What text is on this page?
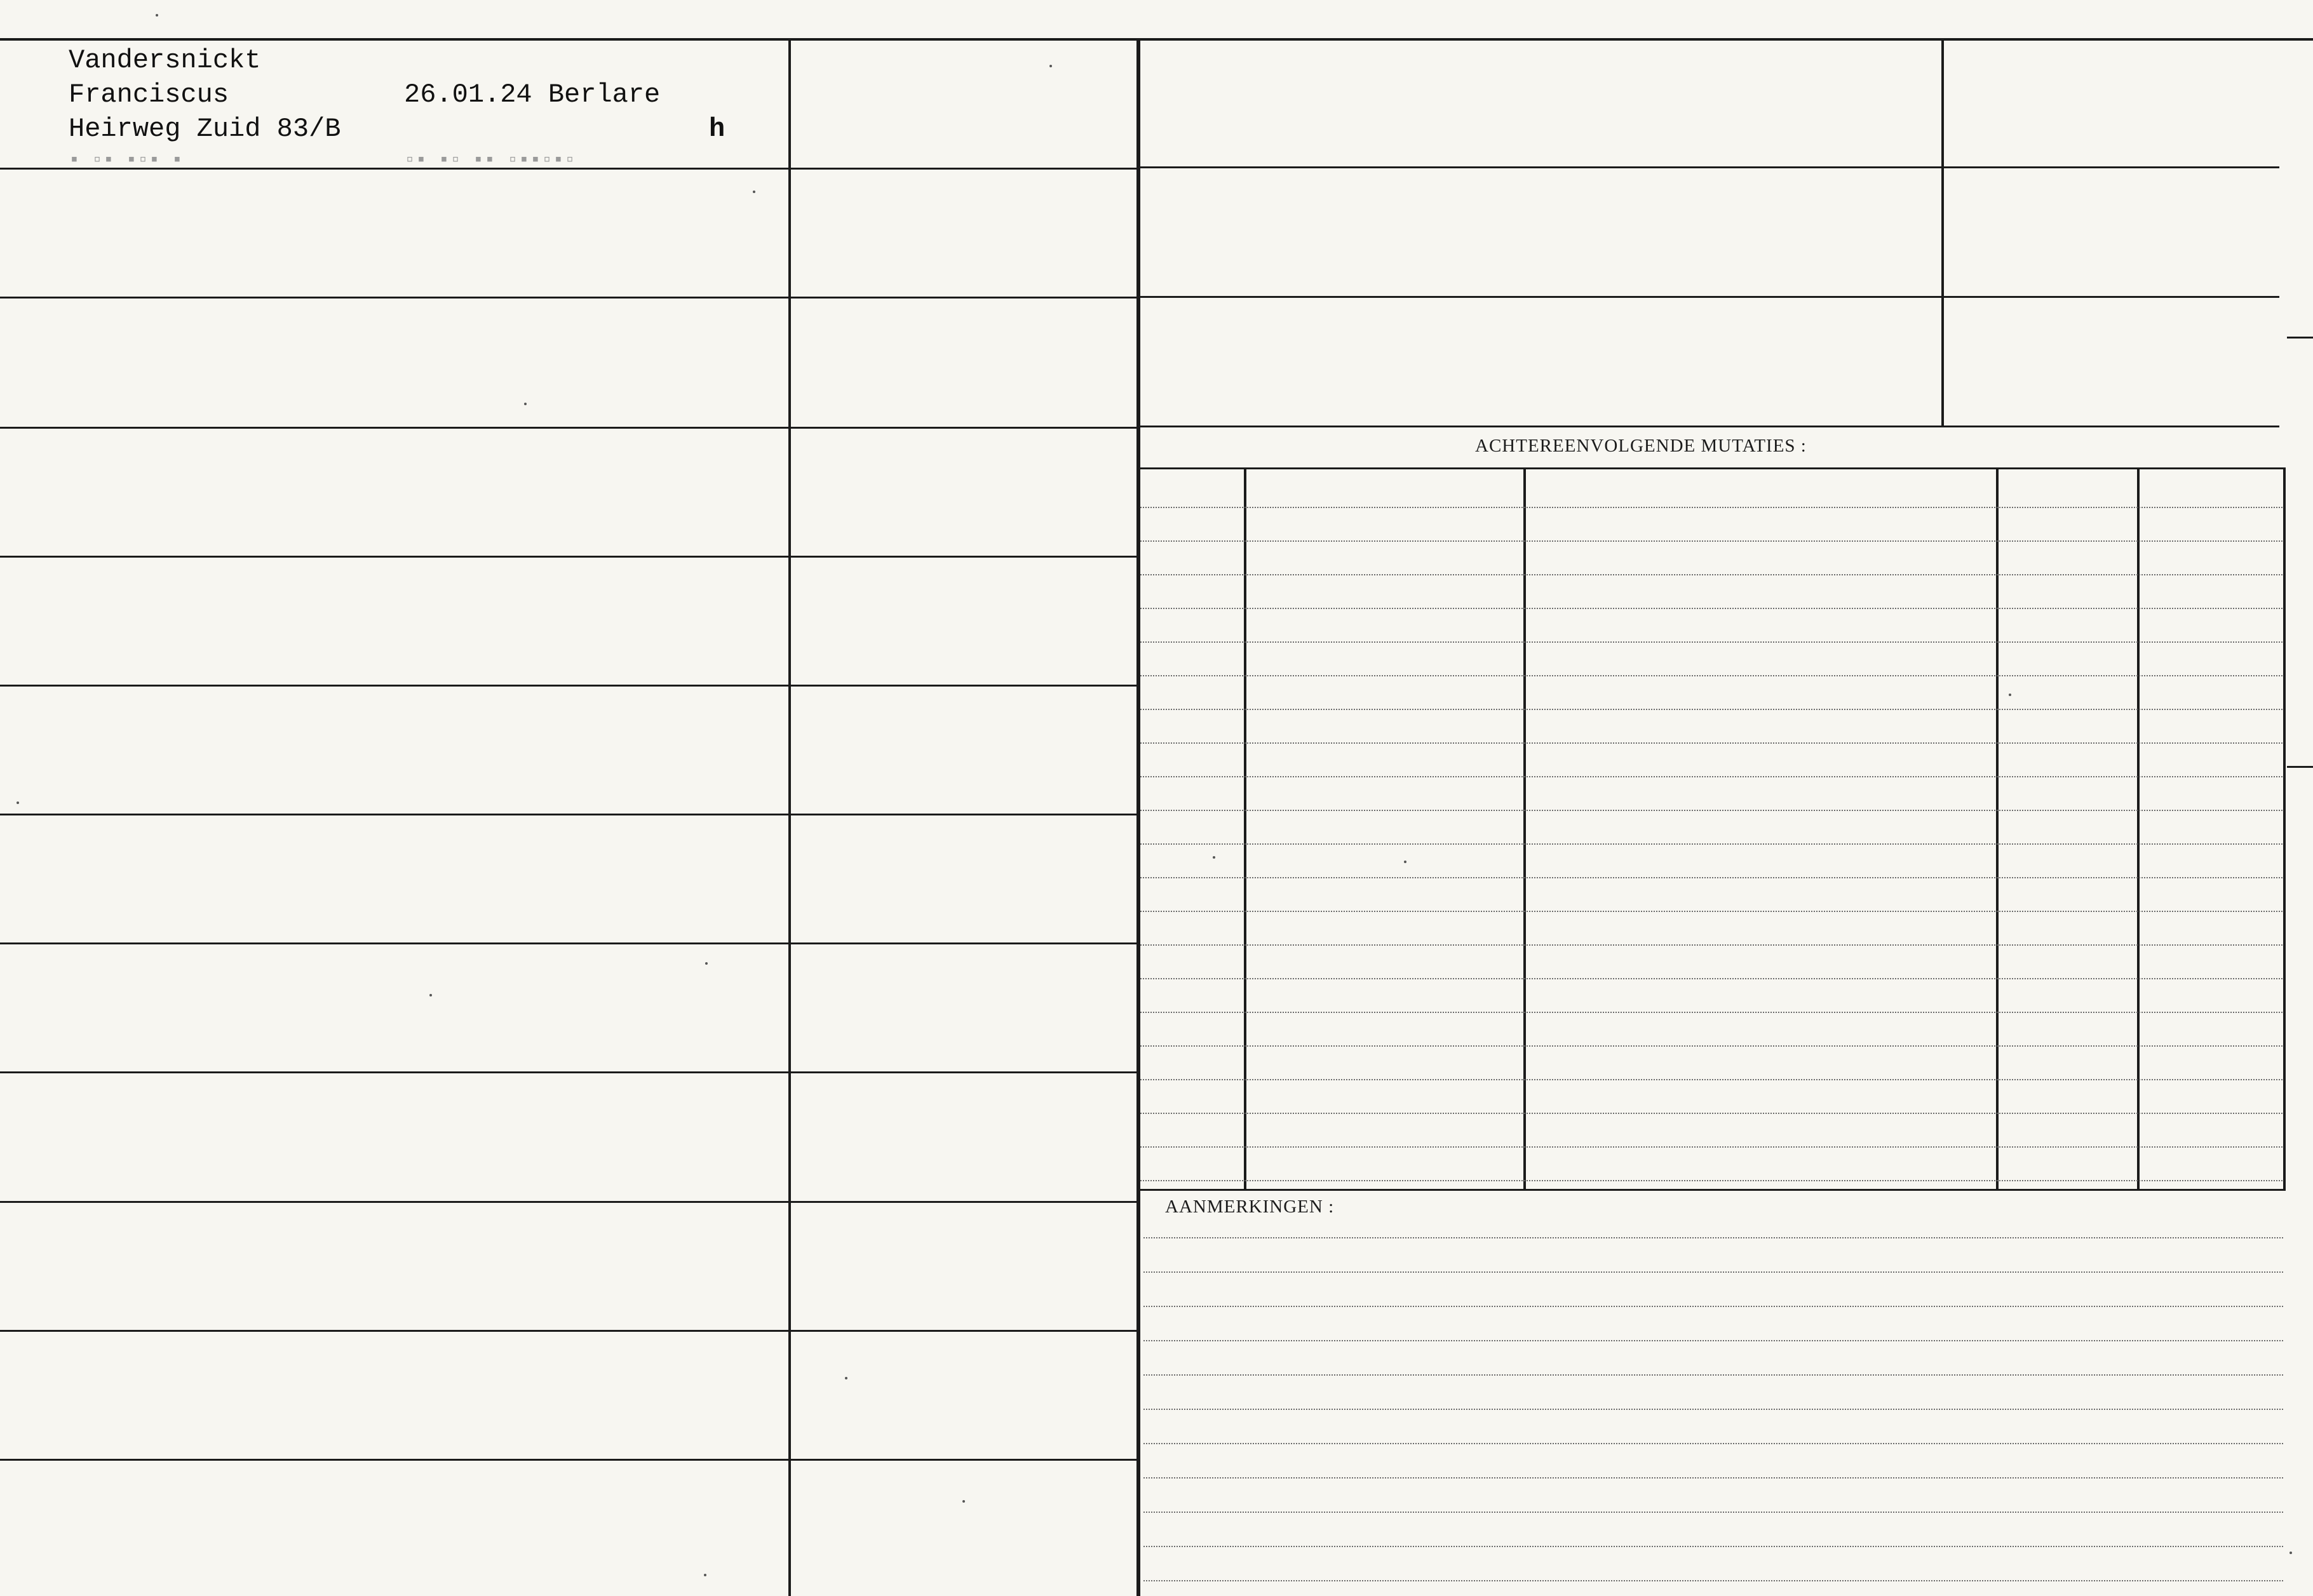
ACHTEREENVOLGENDE MUTATIES :
AANMERKINGEN :
Vandersnickt
Franciscus	26.01.24 Berlare
Heirweg Zuid 83/B	h
▪ ▫▪ ▪▫▪ ▪	▫▪ ▪▫ ▪▪ ▫▪▪▫▪▫
